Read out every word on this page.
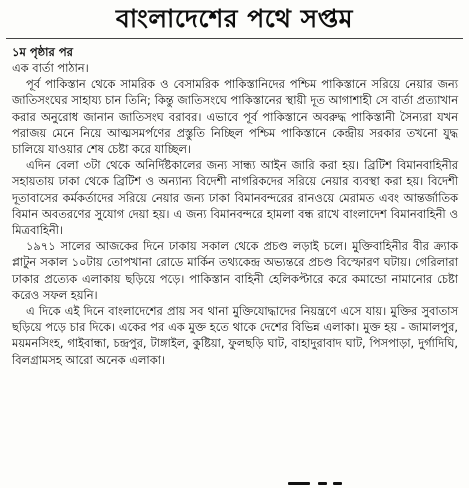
বাংলাদেশের পথে সপ্তম

১ম পৃষ্ঠার পর

এক বার্তা পাঠান।

পূর্ব পাকিস্তান থেকে সামরিক ও বেসামরিক পাকিস্তানিদের পশ্চিম পাকিস্তানে সরিয়ে নেয়ার জন্য জাতিসংঘের সাহায্য চান তিনি; কিন্তু জাতিসংঘে পাকিস্তানের স্থায়ী দূত আগাশাহী সে বার্তা প্রত্যাখান করার অনুরোধ জানান জাতিসংঘ বরাবর। এভাবে পূর্ব পাকিস্তানে অবরুদ্ধ পাকিস্তানী সৈন্যরা যখন পরাজয় মেনে নিয়ে আত্মসমর্পণের প্রস্তুতি নিচ্ছিল পশ্চিম পাকিস্তানে কেন্দ্রীয় সরকার তখনো যুদ্ধ চালিয়ে যাওয়ার শেষ চেষ্টা করে যাচ্ছিল।

এদিন বেলা ৩টা থেকে অনির্দিষ্টকালের জন্য সান্ধ্য আইন জারি করা হয়। ব্রিটিশ বিমানবাহিনীর সহায়তায় ঢাকা থেকে ব্রিটিশ ও অন্যান্য বিদেশী নাগরিকদের সরিয়ে নেয়ার ব্যবস্থা করা হয়। বিদেশী দূতাবাসের কর্মকর্তাদের সরিয়ে নেয়ার জন্য ঢাকা বিমানবন্দরের রানওয়ে মেরামত এবং আন্তর্জাতিক বিমান অবতরণের সুযোগ দেয়া হয়। এ জন্য বিমানবন্দরে হামলা বন্ধ রাখে বাংলাদেশ বিমানবাহিনী ও মিত্রবাহিনী।

১৯৭১ সালের আজকের দিনে ঢাকায় সকাল থেকে প্রচণ্ড লড়াই চলে। মুক্তিবাহিনীর বীর ক্র্যাক প্লাটুন সকাল ১০টায় তোপখানা রোডে মার্কিন তথ্যকেন্দ্র অভ্যন্তরে প্রচণ্ড বিস্ফোরণ ঘটায়। গেরিলারা ঢাকার প্রত্যেক এলাকায় ছড়িয়ে পড়ে। পাকিস্তান বাহিনী হেলিকপ্টারে করে কমান্ডো নামানোর চেষ্টা করেও সফল হয়নি।

এ দিকে এই দিনে বাংলাদেশের প্রায় সব থানা মুক্তিযোদ্ধাদের নিয়ন্ত্রণে এসে যায়। মুক্তির সুবাতাস ছড়িয়ে পড়ে চার দিকে। একের পর এক মুক্ত হতে থাকে দেশের বিভিন্ন এলাকা। মুক্ত হয় - জামালপুর, ময়মনসিংহ, গাইবান্ধা, চন্দ্রপুর, টাঙ্গাইল, কুষ্টিয়া, ফুলছড়ি ঘাট, বাহাদুরাবাদ ঘাট, পিসপাড়া, দুর্গাদিঘি, বিলগ্রামসহ আরো অনেক এলাকা।
